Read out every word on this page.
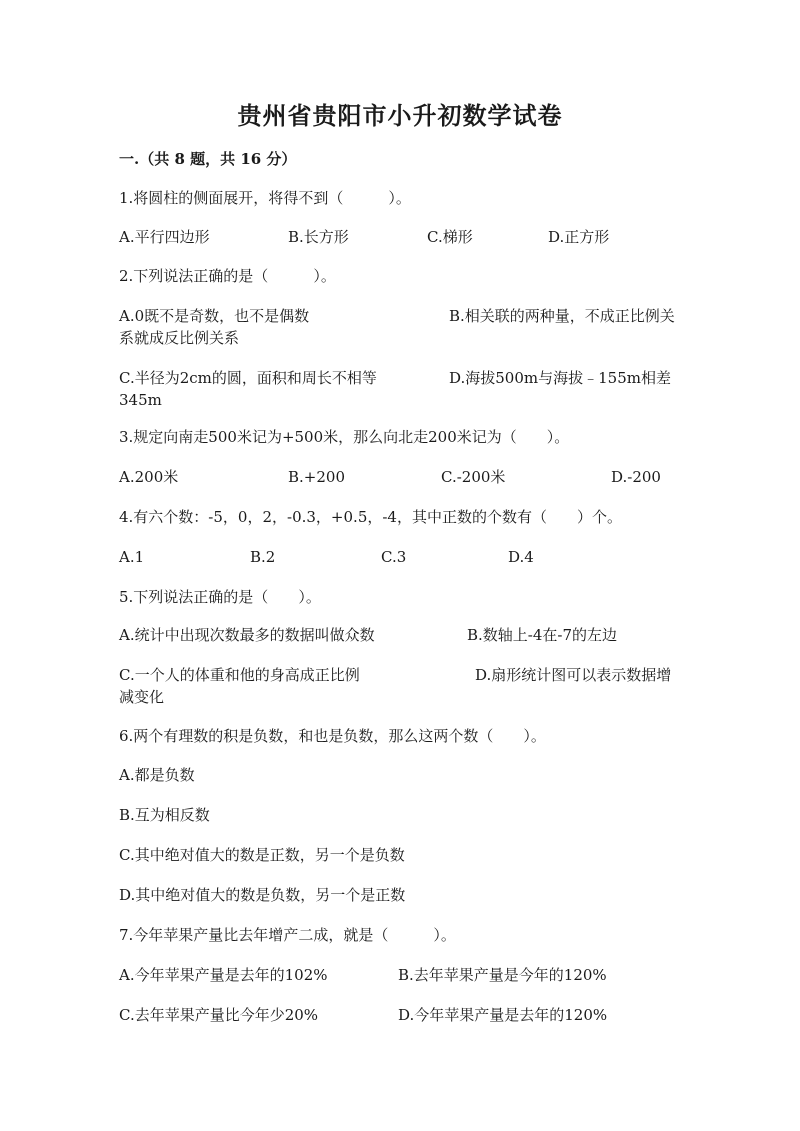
贵州省贵阳市小升初数学试卷
一.（共 8 题，共 16 分）
1.将圆柱的侧面展开，将得不到（　　　）。
A.平行四边形	B.长方形	C.梯形	D.正方形
2.下列说法正确的是（　　　）。
A.0既不是奇数，也不是偶数	B.相关联的两种量，不成正比例关系就成反比例关系
C.半径为2cm的圆，面积和周长不相等	D.海拔500m与海拔﹣155m相差345m
3.规定向南走500米记为+500米，那么向北走200米记为（　　）。
A.200米	B.+200	C.-200米	D.-200
4.有六个数：-5，0，2，-0.3，+0.5，-4，其中正数的个数有（　　）个。
A.1	B.2	C.3	D.4
5.下列说法正确的是（　　）。
A.统计中出现次数最多的数据叫做众数	B.数轴上-4在-7的左边
C.一个人的体重和他的身高成正比例	D.扇形统计图可以表示数据增减变化
6.两个有理数的积是负数，和也是负数，那么这两个数（　　）。
A.都是负数
B.互为相反数
C.其中绝对值大的数是正数，另一个是负数
D.其中绝对值大的数是负数，另一个是正数
7.今年苹果产量比去年增产二成，就是（　　　）。
A.今年苹果产量是去年的102%	B.去年苹果产量是今年的120%
C.去年苹果产量比今年少20%	D.今年苹果产量是去年的120%
